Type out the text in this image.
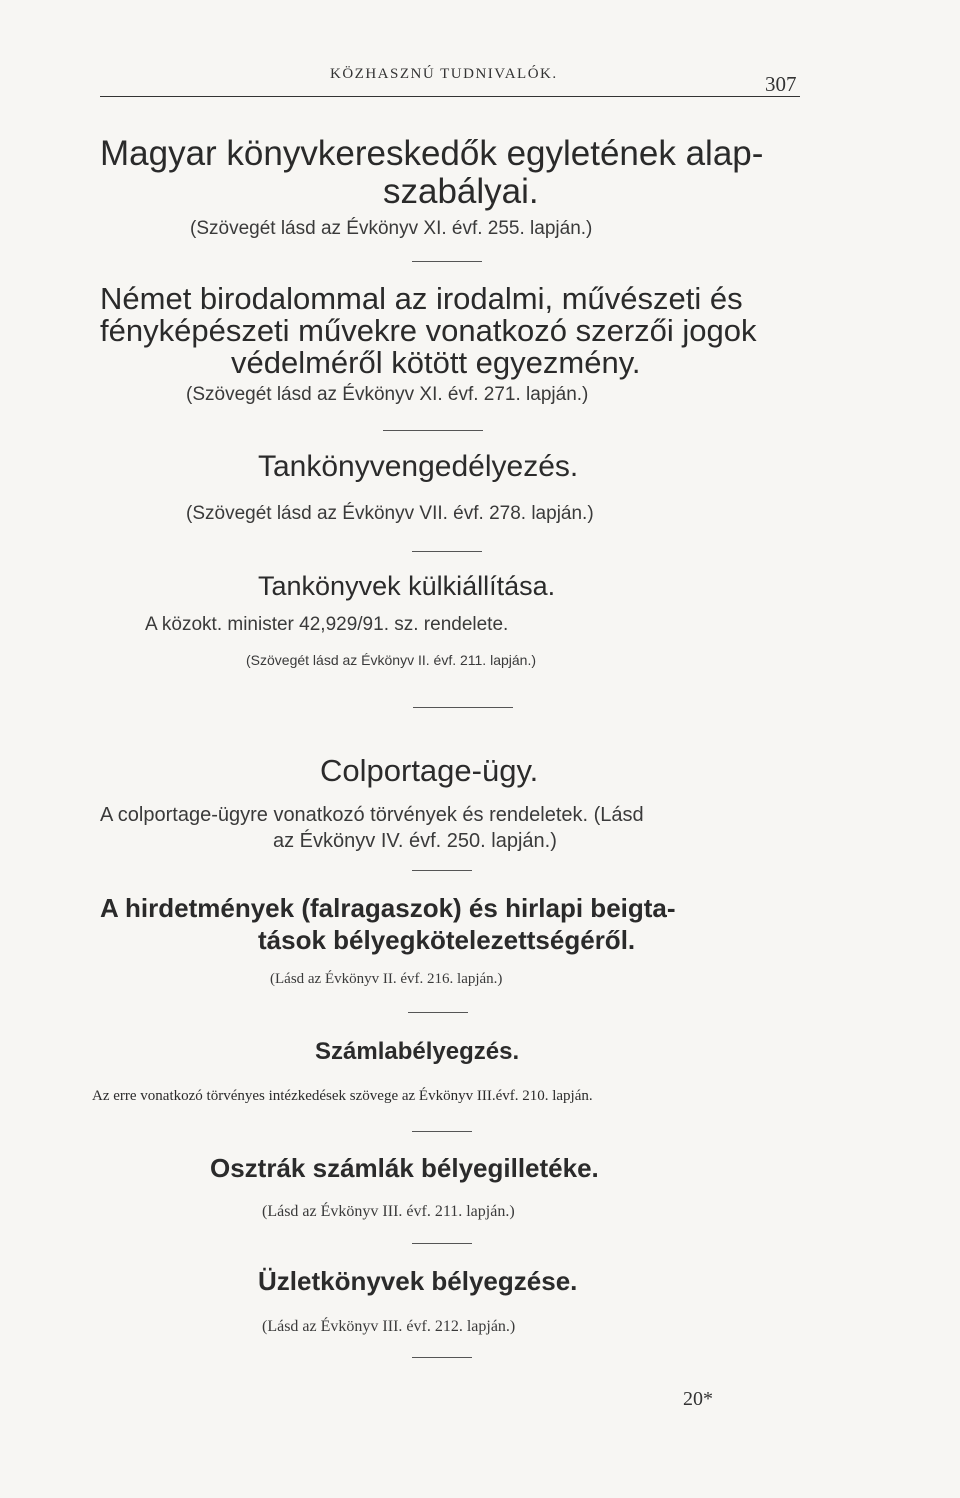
KÖZHASZNÚ TUDNIVALÓK.	307
Magyar könyvkereskedők egyletének alap-
szabályai.
(Szövegét lásd az Évkönyv XI. évf. 255. lapján.)
Német birodalommal az irodalmi, művészeti és
fényképészeti művekre vonatkozó szerzői jogok
védelméről kötött egyezmény.
(Szövegét lásd az Évkönyv XI. évf. 271. lapján.)
Tankönyvengedélyezés.
(Szövegét lásd az Évkönyv VII. évf. 278. lapján.)
Tankönyvek külkiállítása.
A közokt. minister 42,929/91. sz. rendelete.
(Szövegét lásd az Évkönyv II. évf. 211. lapján.)
Colportage-ügy.
A colportage-ügyre vonatkozó törvények és rendeletek. (Lásd
az Évkönyv IV. évf. 250. lapján.)
A hirdetmények (falragaszok) és hirlapi beigta-
tások bélyegkötelezettségéről.
(Lásd az Évkönyv II. évf. 216. lapján.)
Számlabélyegzés.
Az erre vonatkozó törvényes intézkedések szövege az Évkönyv III.évf. 210. lapján.
Osztrák számlák bélyegilletéke.
(Lásd az Évkönyv III. évf. 211. lapján.)
Üzletkönyvek bélyegzése.
(Lásd az Évkönyv III. évf. 212. lapján.)
20*
